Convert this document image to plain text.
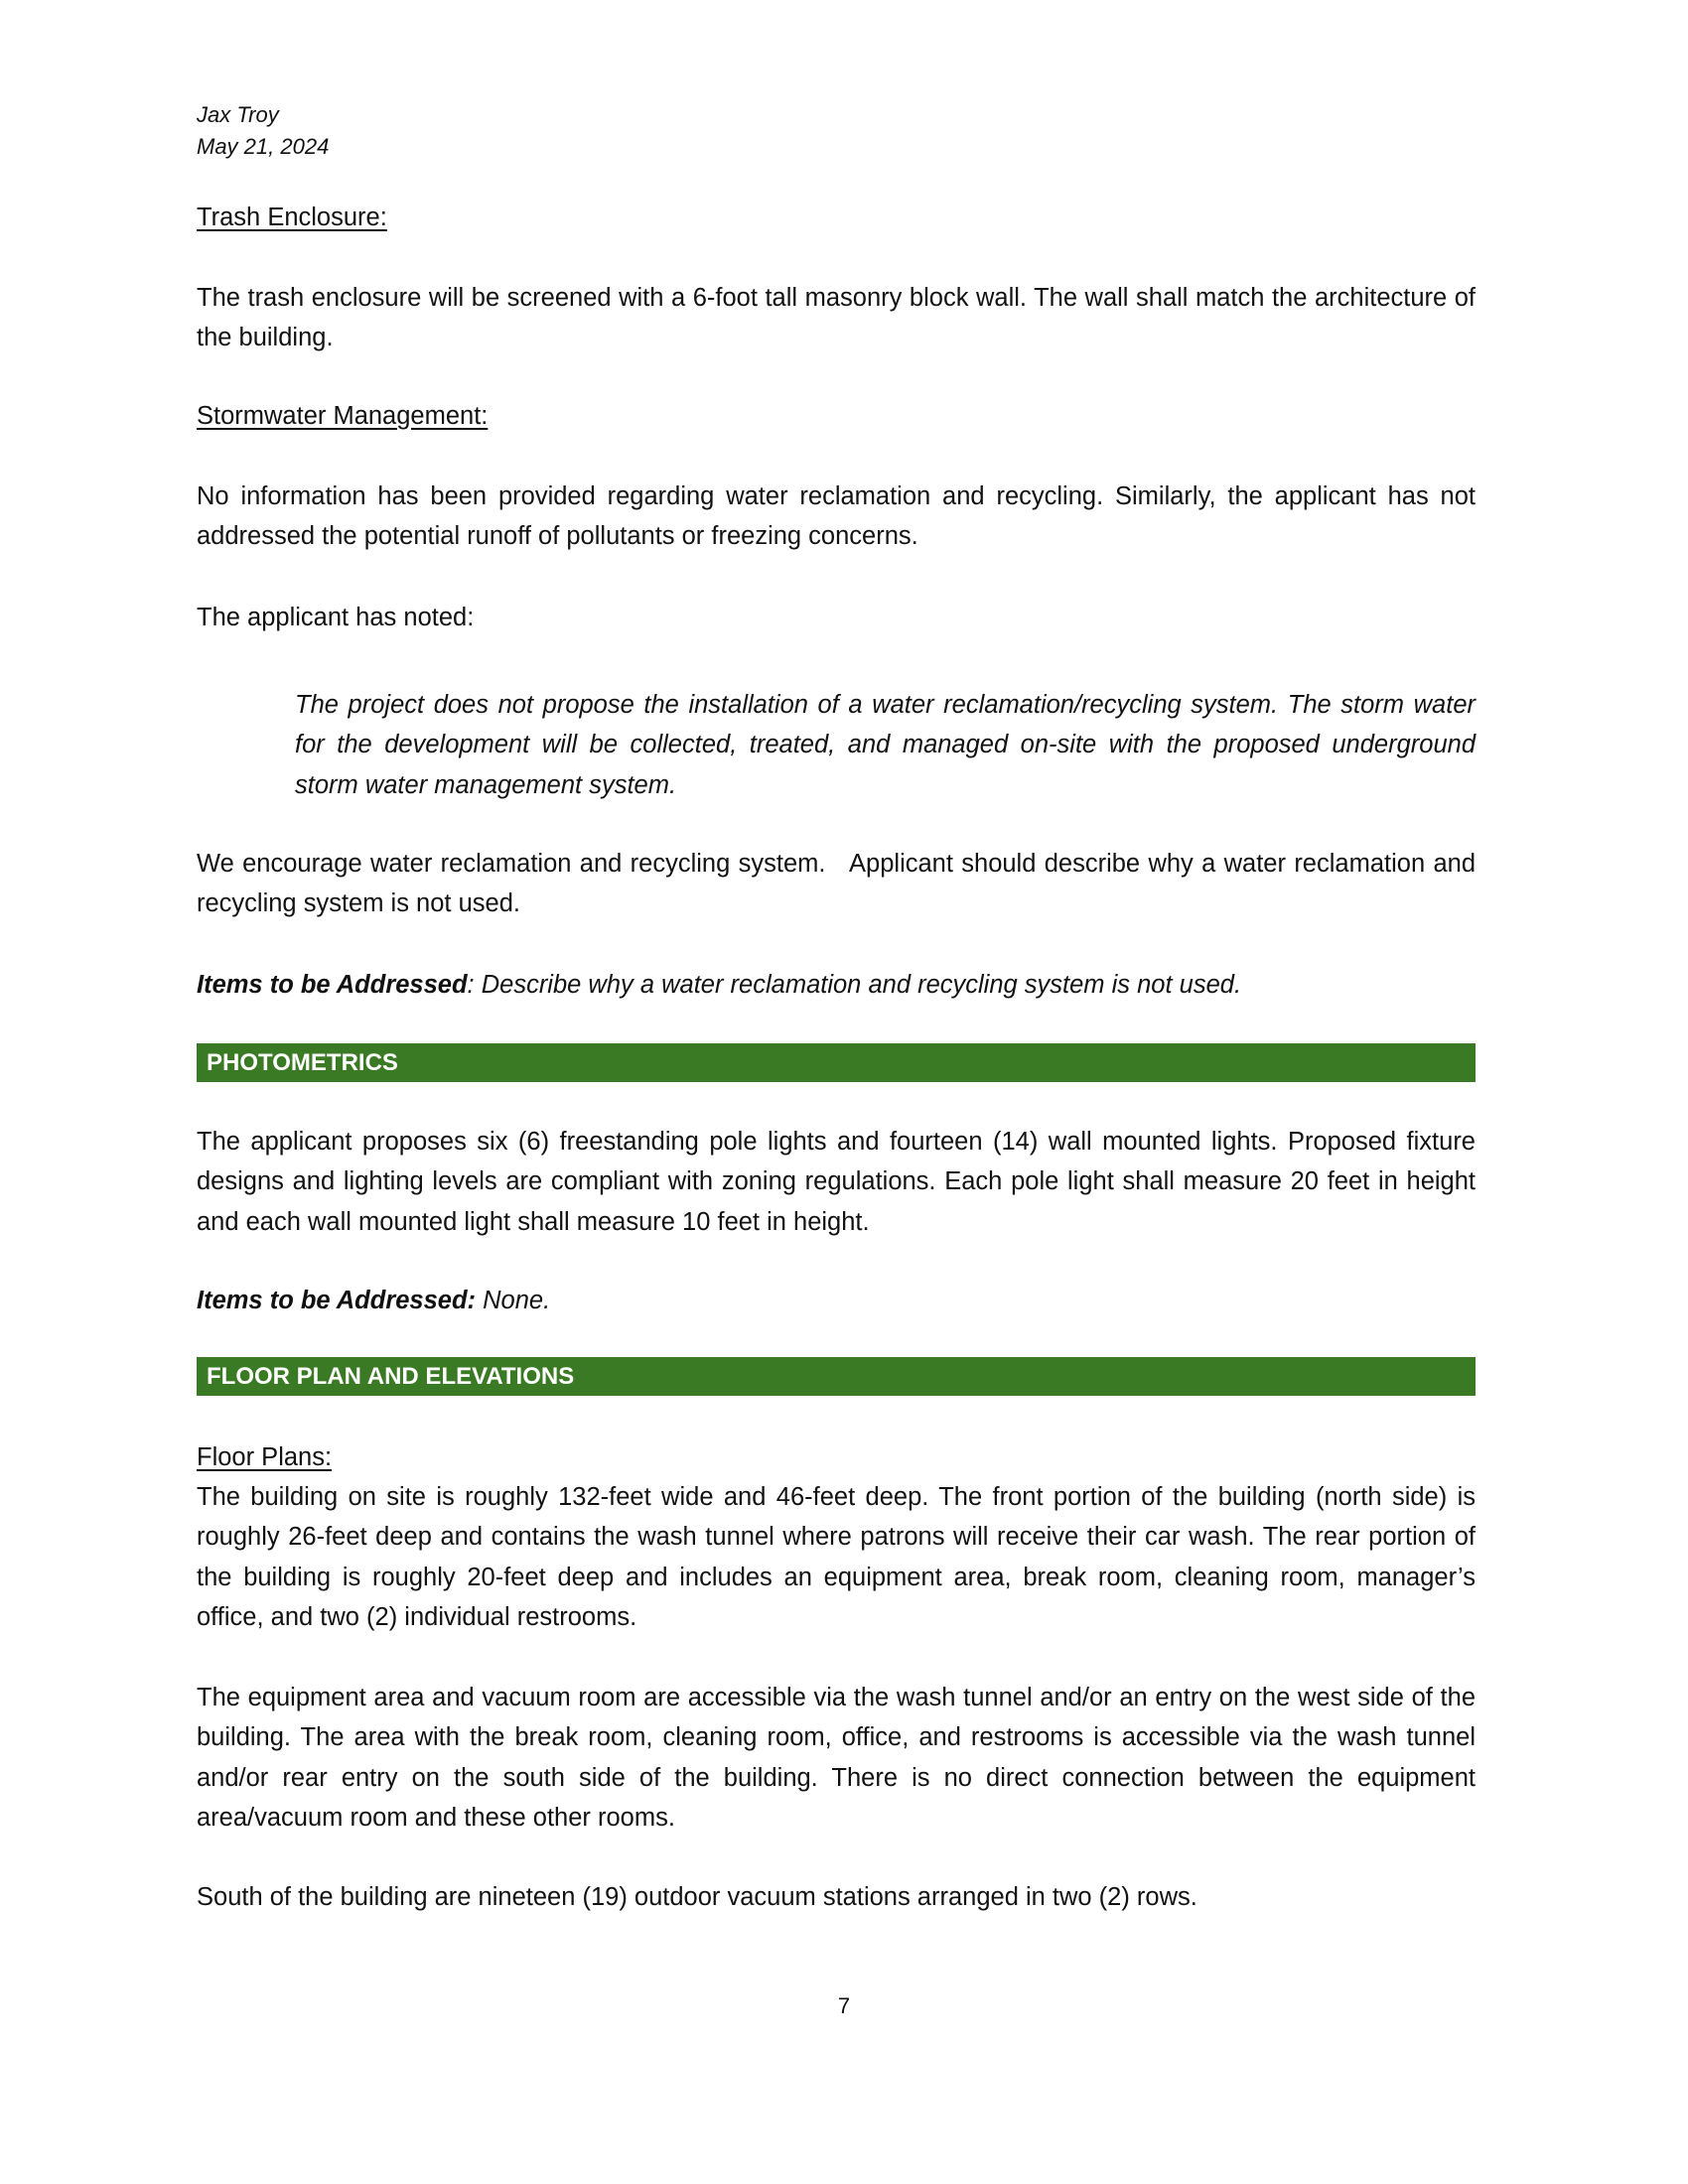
Jax Troy
May 21, 2024
Trash Enclosure:
The trash enclosure will be screened with a 6-foot tall masonry block wall. The wall shall match the architecture of the building.
Stormwater Management:
No information has been provided regarding water reclamation and recycling. Similarly, the applicant has not addressed the potential runoff of pollutants or freezing concerns.
The applicant has noted:
The project does not propose the installation of a water reclamation/recycling system. The storm water for the development will be collected, treated, and managed on-site with the proposed underground storm water management system.
We encourage water reclamation and recycling system.   Applicant should describe why a water reclamation and recycling system is not used.
Items to be Addressed: Describe why a water reclamation and recycling system is not used.
PHOTOMETRICS
The applicant proposes six (6) freestanding pole lights and fourteen (14) wall mounted lights. Proposed fixture designs and lighting levels are compliant with zoning regulations. Each pole light shall measure 20 feet in height and each wall mounted light shall measure 10 feet in height.
Items to be Addressed: None.
FLOOR PLAN AND ELEVATIONS
Floor Plans:
The building on site is roughly 132-feet wide and 46-feet deep. The front portion of the building (north side) is roughly 26-feet deep and contains the wash tunnel where patrons will receive their car wash. The rear portion of the building is roughly 20-feet deep and includes an equipment area, break room, cleaning room, manager’s office, and two (2) individual restrooms.
The equipment area and vacuum room are accessible via the wash tunnel and/or an entry on the west side of the building. The area with the break room, cleaning room, office, and restrooms is accessible via the wash tunnel and/or rear entry on the south side of the building. There is no direct connection between the equipment area/vacuum room and these other rooms.
South of the building are nineteen (19) outdoor vacuum stations arranged in two (2) rows.
7
